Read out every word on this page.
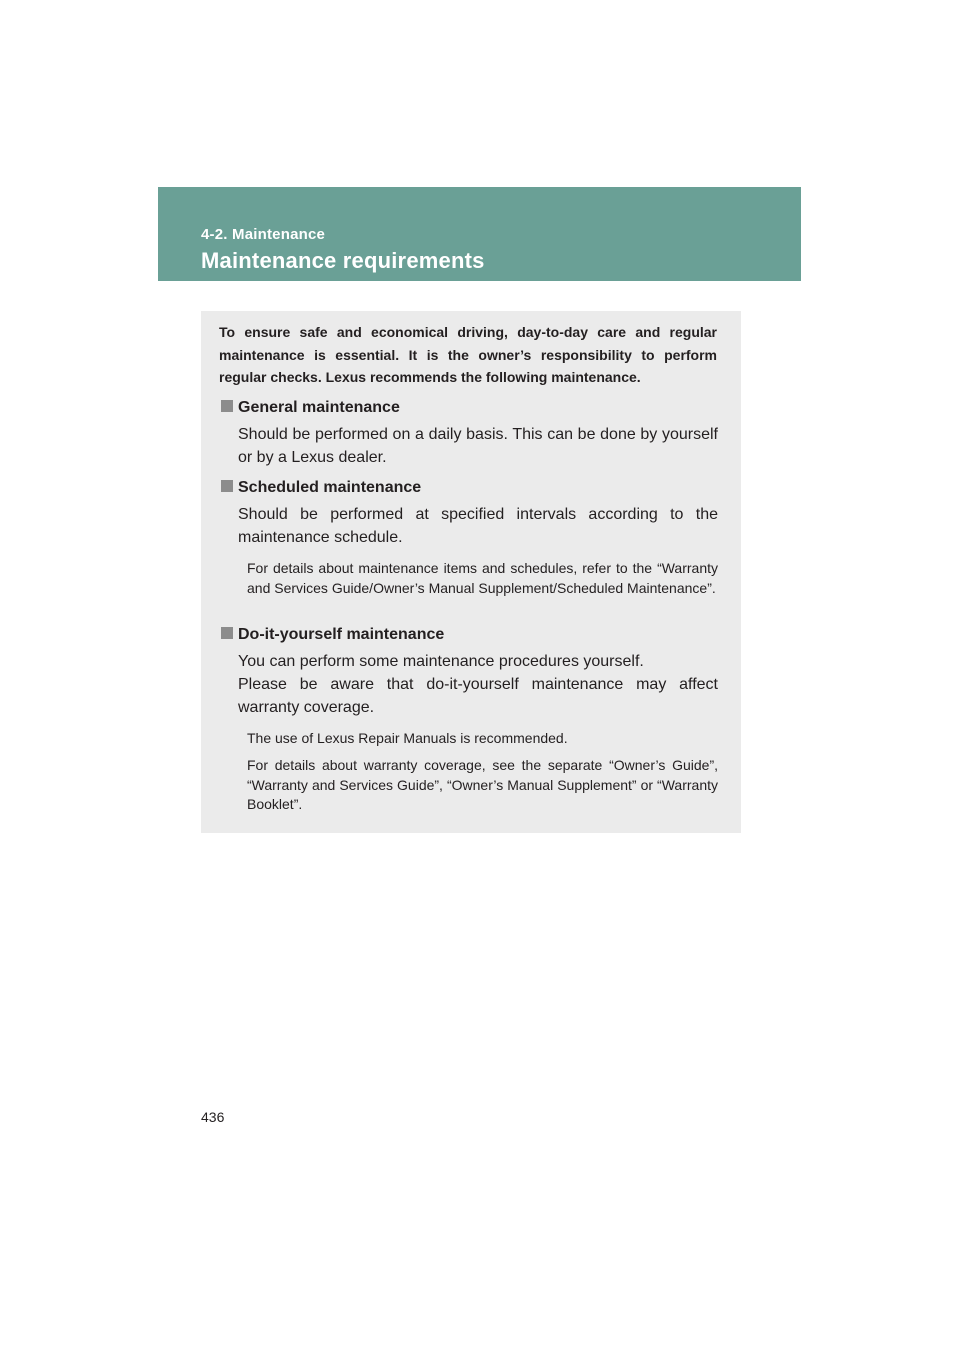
4-2. Maintenance
Maintenance requirements

To ensure safe and economical driving, day-to-day care and regular maintenance is essential. It is the owner’s responsibility to perform regular checks. Lexus recommends the following maintenance.

General maintenance

Should be performed on a daily basis. This can be done by yourself or by a Lexus dealer.

Scheduled maintenance

Should be performed at specified intervals according to the maintenance schedule.

For details about maintenance items and schedules, refer to the “Warranty and Services Guide/Owner’s Manual Supplement/Scheduled Maintenance”.

Do-it-yourself maintenance

You can perform some maintenance procedures yourself.

Please be aware that do-it-yourself maintenance may affect warranty coverage.

The use of Lexus Repair Manuals is recommended.

For details about warranty coverage, see the separate “Owner’s Guide”, “Warranty and Services Guide”, “Owner’s Manual Supplement” or “Warranty Booklet”.

436
